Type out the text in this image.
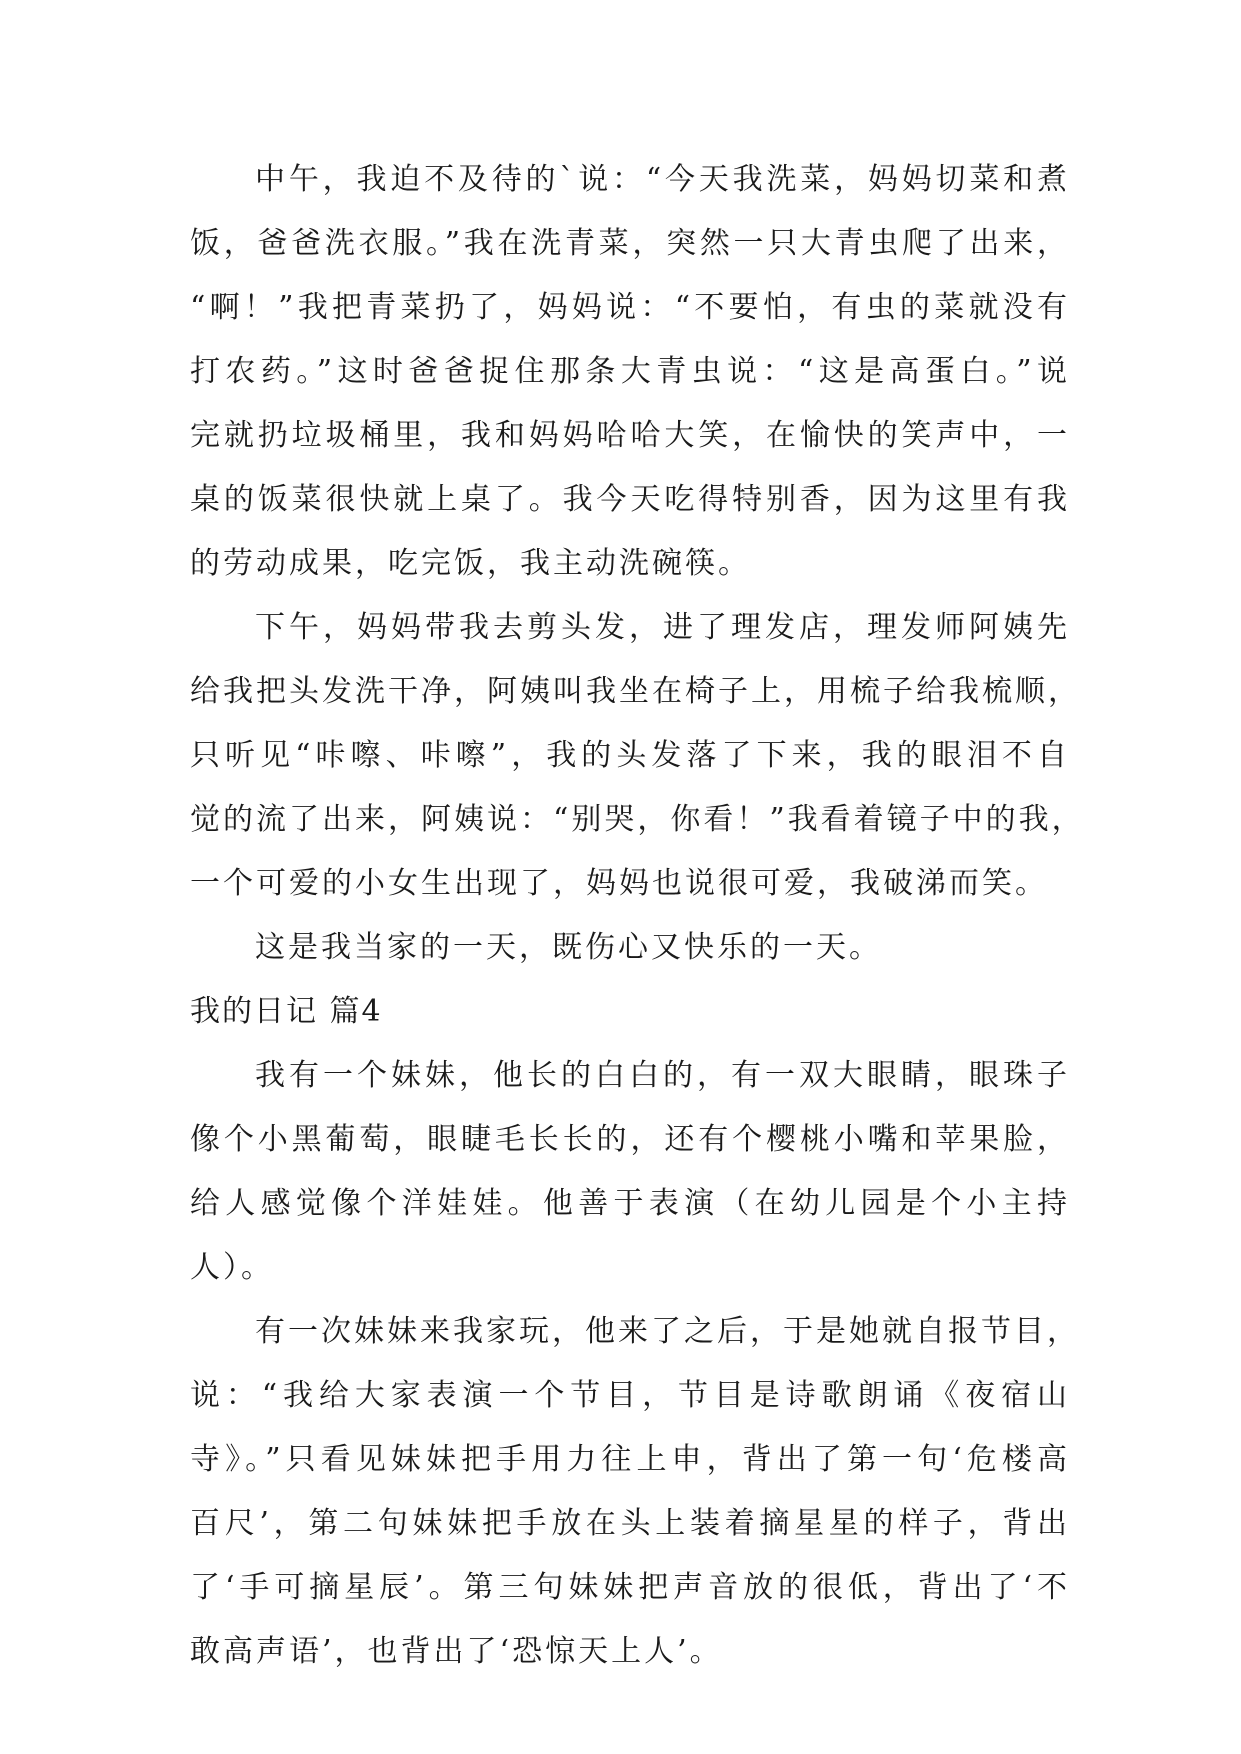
中午，我迫不及待的`说：“今天我洗菜，妈妈切菜和煮
饭，爸爸洗衣服。”我在洗青菜，突然一只大青虫爬了出来，
“啊！”我把青菜扔了，妈妈说：“不要怕，有虫的菜就没有
打农药。”这时爸爸捉住那条大青虫说：“这是高蛋白。”说
完就扔垃圾桶里，我和妈妈哈哈大笑，在愉快的笑声中，一
桌的饭菜很快就上桌了。我今天吃得特别香，因为这里有我
的劳动成果，吃完饭，我主动洗碗筷。
下午，妈妈带我去剪头发，进了理发店，理发师阿姨先
给我把头发洗干净，阿姨叫我坐在椅子上，用梳子给我梳顺，
只听见“咔嚓、咔嚓”，我的头发落了下来，我的眼泪不自
觉的流了出来，阿姨说：“别哭，你看！”我看着镜子中的我，
一个可爱的小女生出现了，妈妈也说很可爱，我破涕而笑。
这是我当家的一天，既伤心又快乐的一天。
我的日记 篇4
我有一个妹妹，他长的白白的，有一双大眼睛，眼珠子
像个小黑葡萄，眼睫毛长长的，还有个樱桃小嘴和苹果脸，
给人感觉像个洋娃娃。他善于表演（在幼儿园是个小主持
人）。
有一次妹妹来我家玩，他来了之后，于是她就自报节目，
说：“我给大家表演一个节目，节目是诗歌朗诵《夜宿山
寺》。”只看见妹妹把手用力往上申，背出了第一句‘危楼高
百尺’，第二句妹妹把手放在头上装着摘星星的样子，背出
了‘手可摘星辰’。第三句妹妹把声音放的很低，背出了‘不
敢高声语’，也背出了‘恐惊天上人’。
